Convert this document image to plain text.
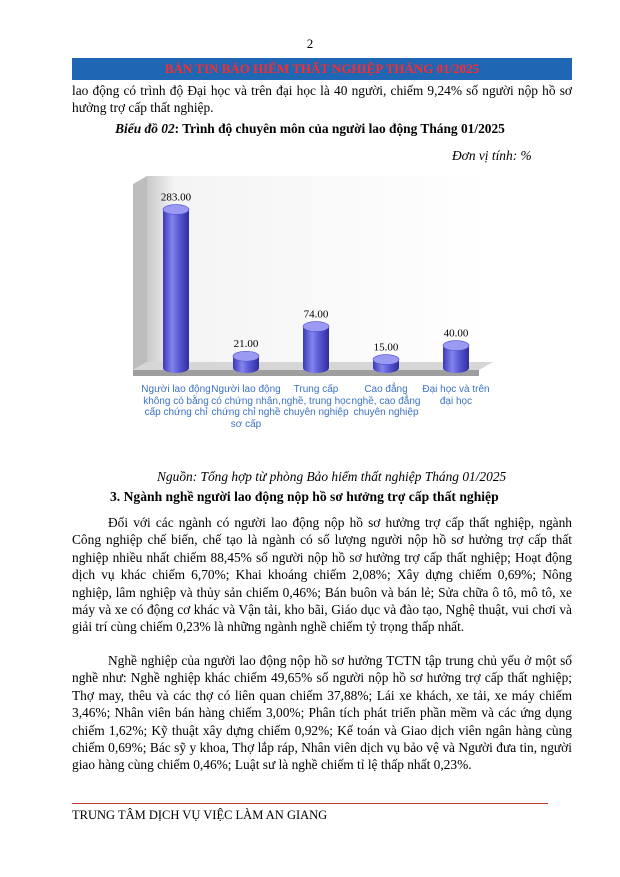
2
BẢN TIN BẢO HIỂM THẤT NGHIỆP THÁNG 01/2025
lao động có trình độ Đại học và trên đại học là 40 người, chiếm 9,24% số người nộp hồ sơ hưởng trợ cấp thất nghiệp.
Biểu đồ 02: Trình độ chuyên môn của người lao động Tháng 01/2025
Đơn vị tính: %
283.00
21.00
74.00
15.00
40.00
Người lao động không có bằng cấp chứng chỉ
Người lao động có chứng nhận, chứng chỉ nghề sơ cấp
Trung cấp nghề, trung học chuyên nghiệp
Cao đẳng nghề, cao đẳng chuyên nghiệp
Đại học và trên đại học
Nguồn: Tổng hợp từ phòng Bảo hiểm thất nghiệp Tháng 01/2025
3. Ngành nghề người lao động nộp hồ sơ hưởng trợ cấp thất nghiệp
Đối với các ngành có người lao động nộp hồ sơ hưởng trợ cấp thất nghiệp, ngành Công nghiệp chế biến, chế tạo là ngành có số lượng người nộp hồ sơ hưởng trợ cấp thất nghiệp nhiều nhất chiếm 88,45% số người nộp hồ sơ hưởng trợ cấp thất nghiệp; Hoạt động dịch vụ khác chiếm 6,70%; Khai khoáng chiếm 2,08%; Xây dựng chiếm 0,69%; Nông nghiệp, lâm nghiệp và thủy sản chiếm 0,46%; Bán buôn và bán lẻ; Sửa chữa ô tô, mô tô, xe máy và xe có động cơ khác và Vận tải, kho bãi, Giáo dục và đào tạo, Nghệ thuật, vui chơi và giải trí cùng chiếm 0,23% là những ngành nghề chiếm tỷ trọng thấp nhất.
Nghề nghiệp của người lao động nộp hồ sơ hưởng TCTN tập trung chủ yếu ở một số nghề như: Nghề nghiệp khác chiếm 49,65% số người nộp hồ sơ hưởng trợ cấp thất nghiệp; Thợ may, thêu và các thợ có liên quan chiếm 37,88%; Lái xe khách, xe tải, xe máy chiếm 3,46%; Nhân viên bán hàng chiếm 3,00%; Phân tích phát triển phần mềm và các ứng dụng chiếm 1,62%; Kỹ thuật xây dựng chiếm 0,92%; Kế toán và Giao dịch viên ngân hàng cùng chiếm 0,69%; Bác sỹ y khoa, Thợ lắp ráp, Nhân viên dịch vụ bảo vệ và Người đưa tin, người giao hàng cùng chiếm 0,46%; Luật sư là nghề chiếm tỉ lệ thấp nhất 0,23%.
TRUNG TÂM DỊCH VỤ VIỆC LÀM AN GIANG
